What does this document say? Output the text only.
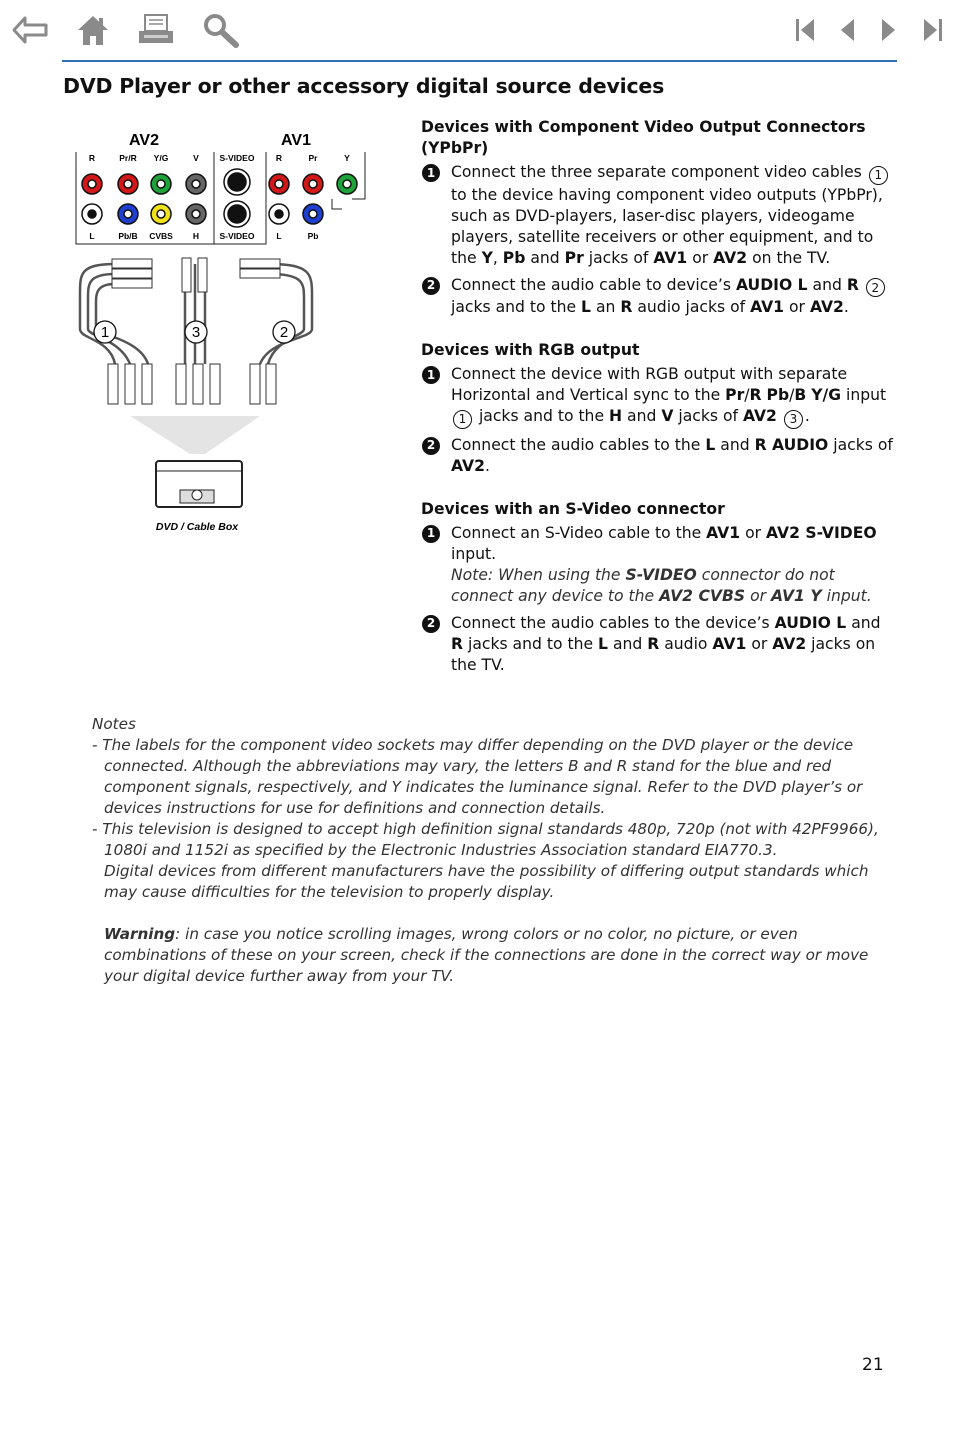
DVD Player or other accessory digital source devices
AV2	AV1
R	Pr/R Y/G	V S-VIDEO	R	Pr	Y
L	Pb/B CVBS H S-VIDEO	L	Pb
1	3	2
DVD / Cable Box
Devices with Component Video Output Connectors (YPbPr)
1	Connect the three separate component video cables 1 to the device having component video outputs (YPbPr), such as DVD-players, laser-disc players, videogame players, satellite receivers or other equipment, and to the Y, Pb and Pr jacks of AV1 or AV2 on the TV.
2	Connect the audio cable to device’s AUDIO L and R 2 jacks and to the L an R audio jacks of AV1 or AV2.
Devices with RGB output
1	Connect the device with RGB output with separate Horizontal and Vertical sync to the Pr/R Pb/B Y/G input 1 jacks and to the H and V jacks of AV2 3 .
2	Connect the audio cables to the L and R AUDIO jacks of AV2.
Devices with an S-Video connector
1	Connect an S-Video cable to the AV1 or AV2 S-VIDEO input.
Note: When using the S-VIDEO connector do not connect any device to the AV2 CVBS or AV1 Y input.
2	Connect the audio cables to the device’s AUDIO L and R jacks and to the L and R audio AV1 or AV2 jacks on the TV.
Notes
- The labels for the component video sockets may differ depending on the DVD player or the device connected. Although the abbreviations may vary, the letters B and R stand for the blue and red component signals, respectively, and Y indicates the luminance signal. Refer to the DVD player’s or devices instructions for use for definitions and connection details.
- This television is designed to accept high definition signal standards 480p, 720p (not with 42PF9966), 1080i and 1152i as specified by the Electronic Industries Association standard EIA770.3.
Digital devices from different manufacturers have the possibility of differing output standards which may cause difficulties for the television to properly display.
Warning: in case you notice scrolling images, wrong colors or no color, no picture, or even combinations of these on your screen, check if the connections are done in the correct way or move your digital device further away from your TV.
21
